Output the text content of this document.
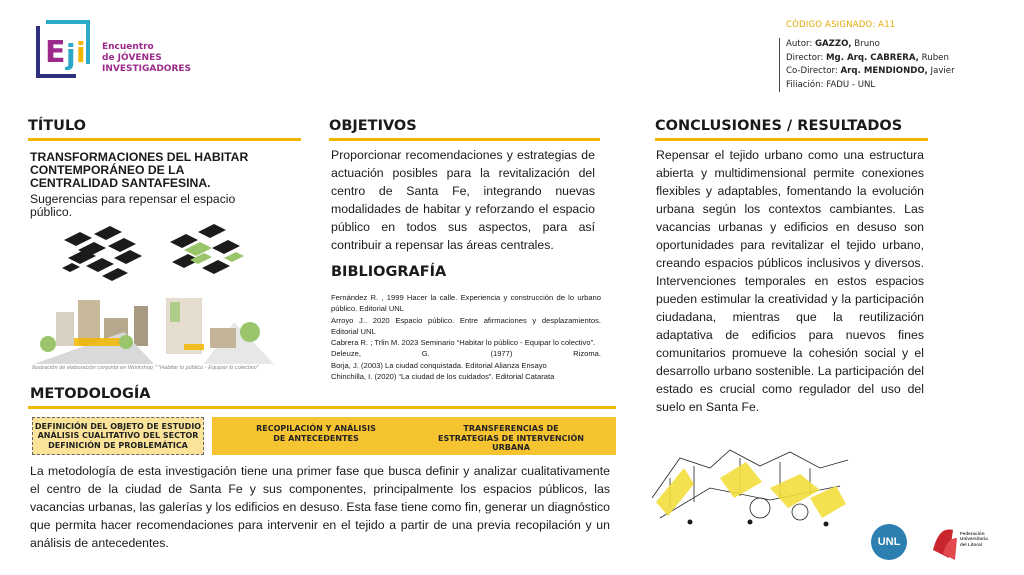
E j i Encuentro
de JÓVENES
INVESTIGADORES
CÓDIGO ASIGNADO: A11
Autor: GAZZO, Bruno
Director: Mg. Arq. CABRERA, Ruben
Co-Director: Arq. MENDIONDO, Javier
Filiación: FADU - UNL
TÍTULO
TRANSFORMACIONES DEL HABITAR CONTEMPORÁNEO DE LA CENTRALIDAD SANTAFESINA.
Sugerencias para repensar el espacio público.
Ilustración de elaboración conjunta en Workshop " "Habitar lo público - Equipar lo colectivo"
OBJETIVOS
Proporcionar recomendaciones y estrategias de actuación posibles para la revitalización del centro de Santa Fe, integrando nuevas modalidades de habitar y reforzando el espacio público en todos sus aspectos, para así contribuir a repensar las áreas centrales.
BIBLIOGRAFÍA

Fernández R. , 1999 Hacer la calle. Experiencia y construcción de lo urbano público. Editorial UNL

Arroyo J.. 2020 Espacio público. Entre afirmaciones y desplazamientos. Editorial UNL

Cabrera R. ; Trlin M. 2023 Seminario “Habitar lo público - Equipar lo colectivo”.

Deleuze, G. (1977) Rizoma.

Borja, J. (2003) La ciudad conquistada. Editorial Alianza Ensayo

Chinchilla, I. (2020) “La ciudad de los cuidados”. Editorial Catarata

CONCLUSIONES / RESULTADOS
Repensar el tejido urbano como una estructura abierta y multidimensional permite conexiones flexibles y adaptables, fomentando la evolución urbana según los contextos cambiantes. Las vacancias urbanas y edificios en desuso son oportunidades para revitalizar el tejido urbano, creando espacios públicos inclusivos y diversos. Intervenciones temporales en estos espacios pueden estimular la creatividad y la participación ciudadana, mientras que la reutilización adaptativa de edificios para nuevos fines comunitarios promueve la cohesión social y el desarrollo urbano sostenible. La participación del estado es crucial como regulador del uso del suelo en Santa Fe.
METODOLOGÍA
DEFINICIÓN DEL OBJETO DE ESTUDIO ANÁLISIS CUALITATIVO DEL SECTOR DEFINICIÓN DE PROBLEMÁTICA
RECOPILACIÓN Y ANÁLISIS DE ANTECEDENTES
TRANSFERENCIAS DE ESTRATEGIAS DE INTERVENCIÓN URBANA
La metodología de esta investigación tiene una primer fase que busca definir y analizar cualitativamente el centro de la ciudad de Santa Fe y sus componentes, principalmente los espacios públicos, las vacancias urbanas, las galerías y los edificios en desuso. Esta fase tiene como fin, generar un diagnóstico que permita hacer recomendaciones para intervenir en el tejido a partir de una previa recopilación y un análisis de antecedentes.	UNL
Federación
Universitaria
del Litoral
